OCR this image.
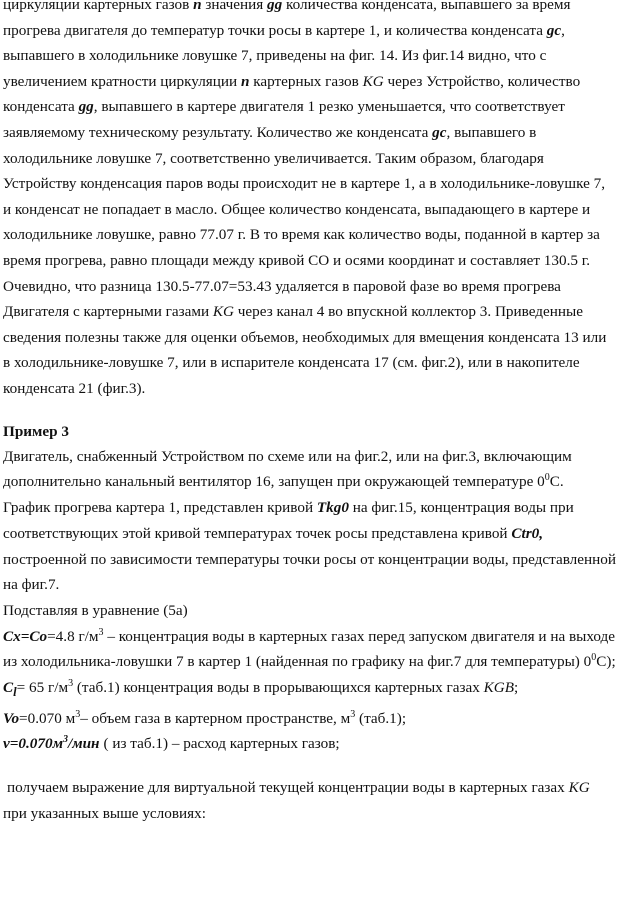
циркуляции картерных газов n значения gg количества конденсата, выпавшего за время прогрева двигателя до температур точки росы в картере 1, и количества конденсата gc, выпавшего в холодильнике ловушке 7, приведены на фиг. 14. Из фиг.14 видно, что с увеличением кратности циркуляции n картерных газов KG через Устройство, количество конденсата gg, выпавшего в картере двигателя 1 резко уменьшается, что соответствует заявляемому техническому результату. Количество же конденсата gc, выпавшего в холодильнике ловушке 7, соответственно увеличивается. Таким образом, благодаря Устройству конденсация паров воды происходит не в картере 1, а в холодильнике-ловушке 7, и конденсат не попадает в масло. Общее количество конденсата, выпадающего в картере и холодильнике ловушке, равно 77.07 г. В то время как количество воды, поданной в картер за время прогрева, равно площади между кривой СО и осями координат и составляет 130.5 г. Очевидно, что разница 130.5-77.07=53.43 удаляется в паровой фазе во время прогрева Двигателя с картерными газами KG через канал 4 во впускной коллектор 3. Приведенные сведения полезны также для оценки объемов, необходимых для вмещения конденсата 13 или в холодильнике-ловушке 7, или в испарителе конденсата 17 (см. фиг.2), или в накопителе конденсата 21 (фиг.3).

Пример 3

Двигатель, снабженный Устройством по схеме или на фиг.2, или на фиг.3, включающим дополнительно канальный вентилятор 16, запущен при окружающей температуре $0^0С$.
График прогрева картера 1, представлен кривой Tkg0 на фиг.15, концентрация воды при соответствующих этой кривой температурах точек росы представлена кривой Ctr0, построенной по зависимости температуры точки росы от концентрации воды, представленной на фиг.7.

Подставляя в уравнение (5а)
Cx=Co=4.8 $г/м^3$ – концентрация воды в картерных газах перед запуском двигателя и на выходе из холодильника-ловушки 7 в картер 1 (найденная по графику на фиг.7 для температуры) $0^0С$);
$C_l= 65$ $г/м^3$ (таб.1) концентрация воды в прорывающихся картерных газах KGB;
Vo=0.070 $м^3-$ объем газа в картерном пространстве, $м^3$ (таб.1);
$v=0.070м^3$/мин ( из таб.1) – расход картерных газов;

получаем выражение для виртуальной текущей концентрации воды в картерных газах KG при указанных выше условиях:
